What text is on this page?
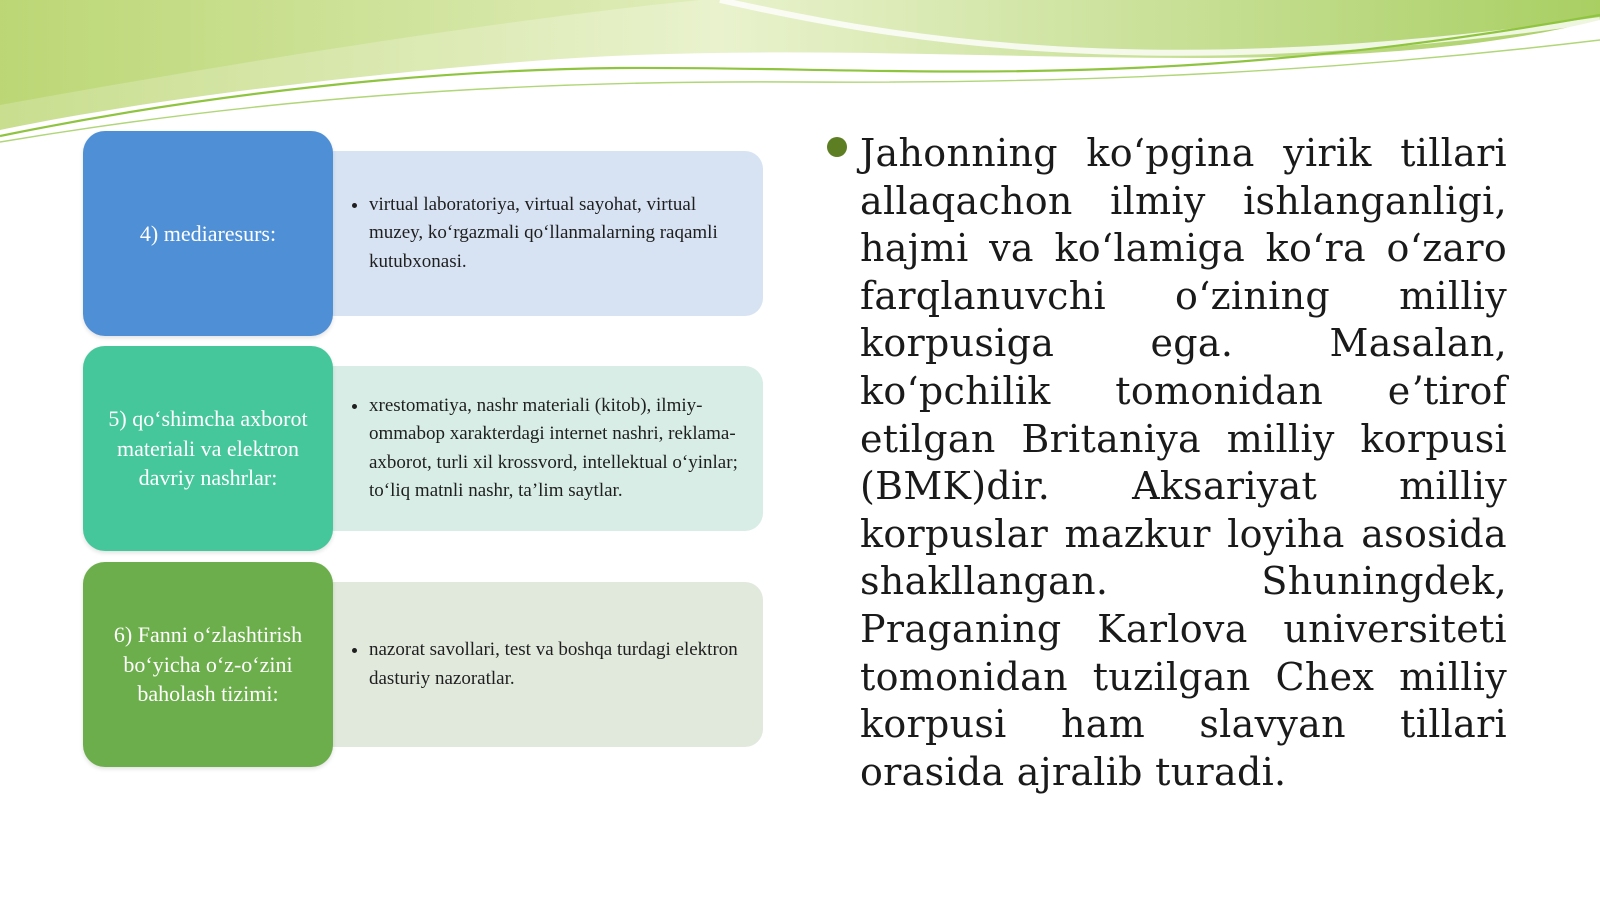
4) mediaresurs:
• virtual laboratoriya, virtual sayohat, virtual muzey, koʻrgazmali qoʻllanmalarning raqamli kutubxonasi.
5) qoʻshimcha axborot materiali va elektron davriy nashrlar:
• xrestomatiya, nashr materiali (kitob), ilmiy-ommabop xarakterdagi internet nashri, reklama-axborot, turli xil krossvord, intellektual oʻyinlar; toʻliq matnli nashr, taʼlim saytlar.
6) Fanni oʻzlashtirish boʻyicha oʻz-oʻzini baholash tizimi:
• nazorat savollari, test va boshqa turdagi elektron dasturiy nazoratlar.
Jahonning koʻpgina yirik tillari allaqachon ilmiy ishlanganligi, hajmi va koʻlamiga koʻra oʻzaro farqlanuvchi oʻzining milliy korpusiga ega. Masalan, koʻpchilik tomonidan eʼtirof etilgan Britaniya milliy korpusi (BMK)dir. Aksariyat milliy korpuslar mazkur loyiha asosida shakllangan. Shuningdek, Praganing Karlova universiteti tomonidan tuzilgan Chex milliy korpusi ham slavyan tillari orasida ajralib turadi.
